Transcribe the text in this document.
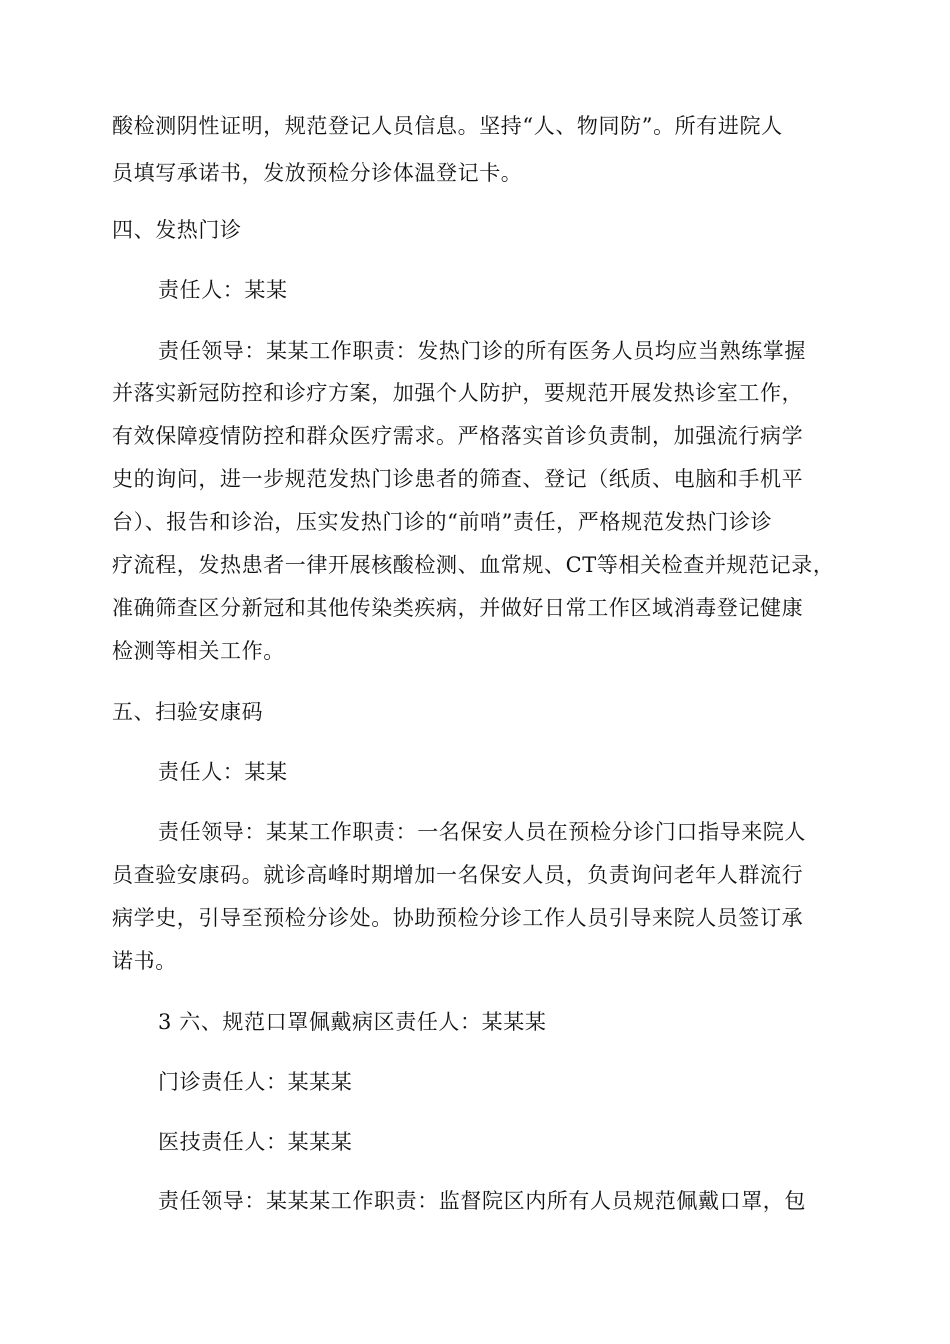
酸检测阴性证明，规范登记人员信息。坚持“人、物同防”。所有进院人
员填写承诺书，发放预检分诊体温登记卡。
四、发热门诊
责任人：某某
责任领导：某某工作职责：发热门诊的所有医务人员均应当熟练掌握
并落实新冠防控和诊疗方案，加强个人防护，要规范开展发热诊室工作，
有效保障疫情防控和群众医疗需求。严格落实首诊负责制，加强流行病学
史的询问，进一步规范发热门诊患者的筛查、登记（纸质、电脑和手机平
台）、报告和诊治，压实发热门诊的“前哨”责任，严格规范发热门诊诊
疗流程，发热患者一律开展核酸检测、血常规、CT等相关检查并规范记录，
准确筛查区分新冠和其他传染类疾病，并做好日常工作区域消毒登记健康
检测等相关工作。
五、扫验安康码
责任人：某某
责任领导：某某工作职责：一名保安人员在预检分诊门口指导来院人
员查验安康码。就诊高峰时期增加一名保安人员，负责询问老年人群流行
病学史，引导至预检分诊处。协助预检分诊工作人员引导来院人员签订承
诺书。
3 六、规范口罩佩戴病区责任人：某某某
门诊责任人：某某某
医技责任人：某某某
责任领导：某某某工作职责：监督院区内所有人员规范佩戴口罩，包
